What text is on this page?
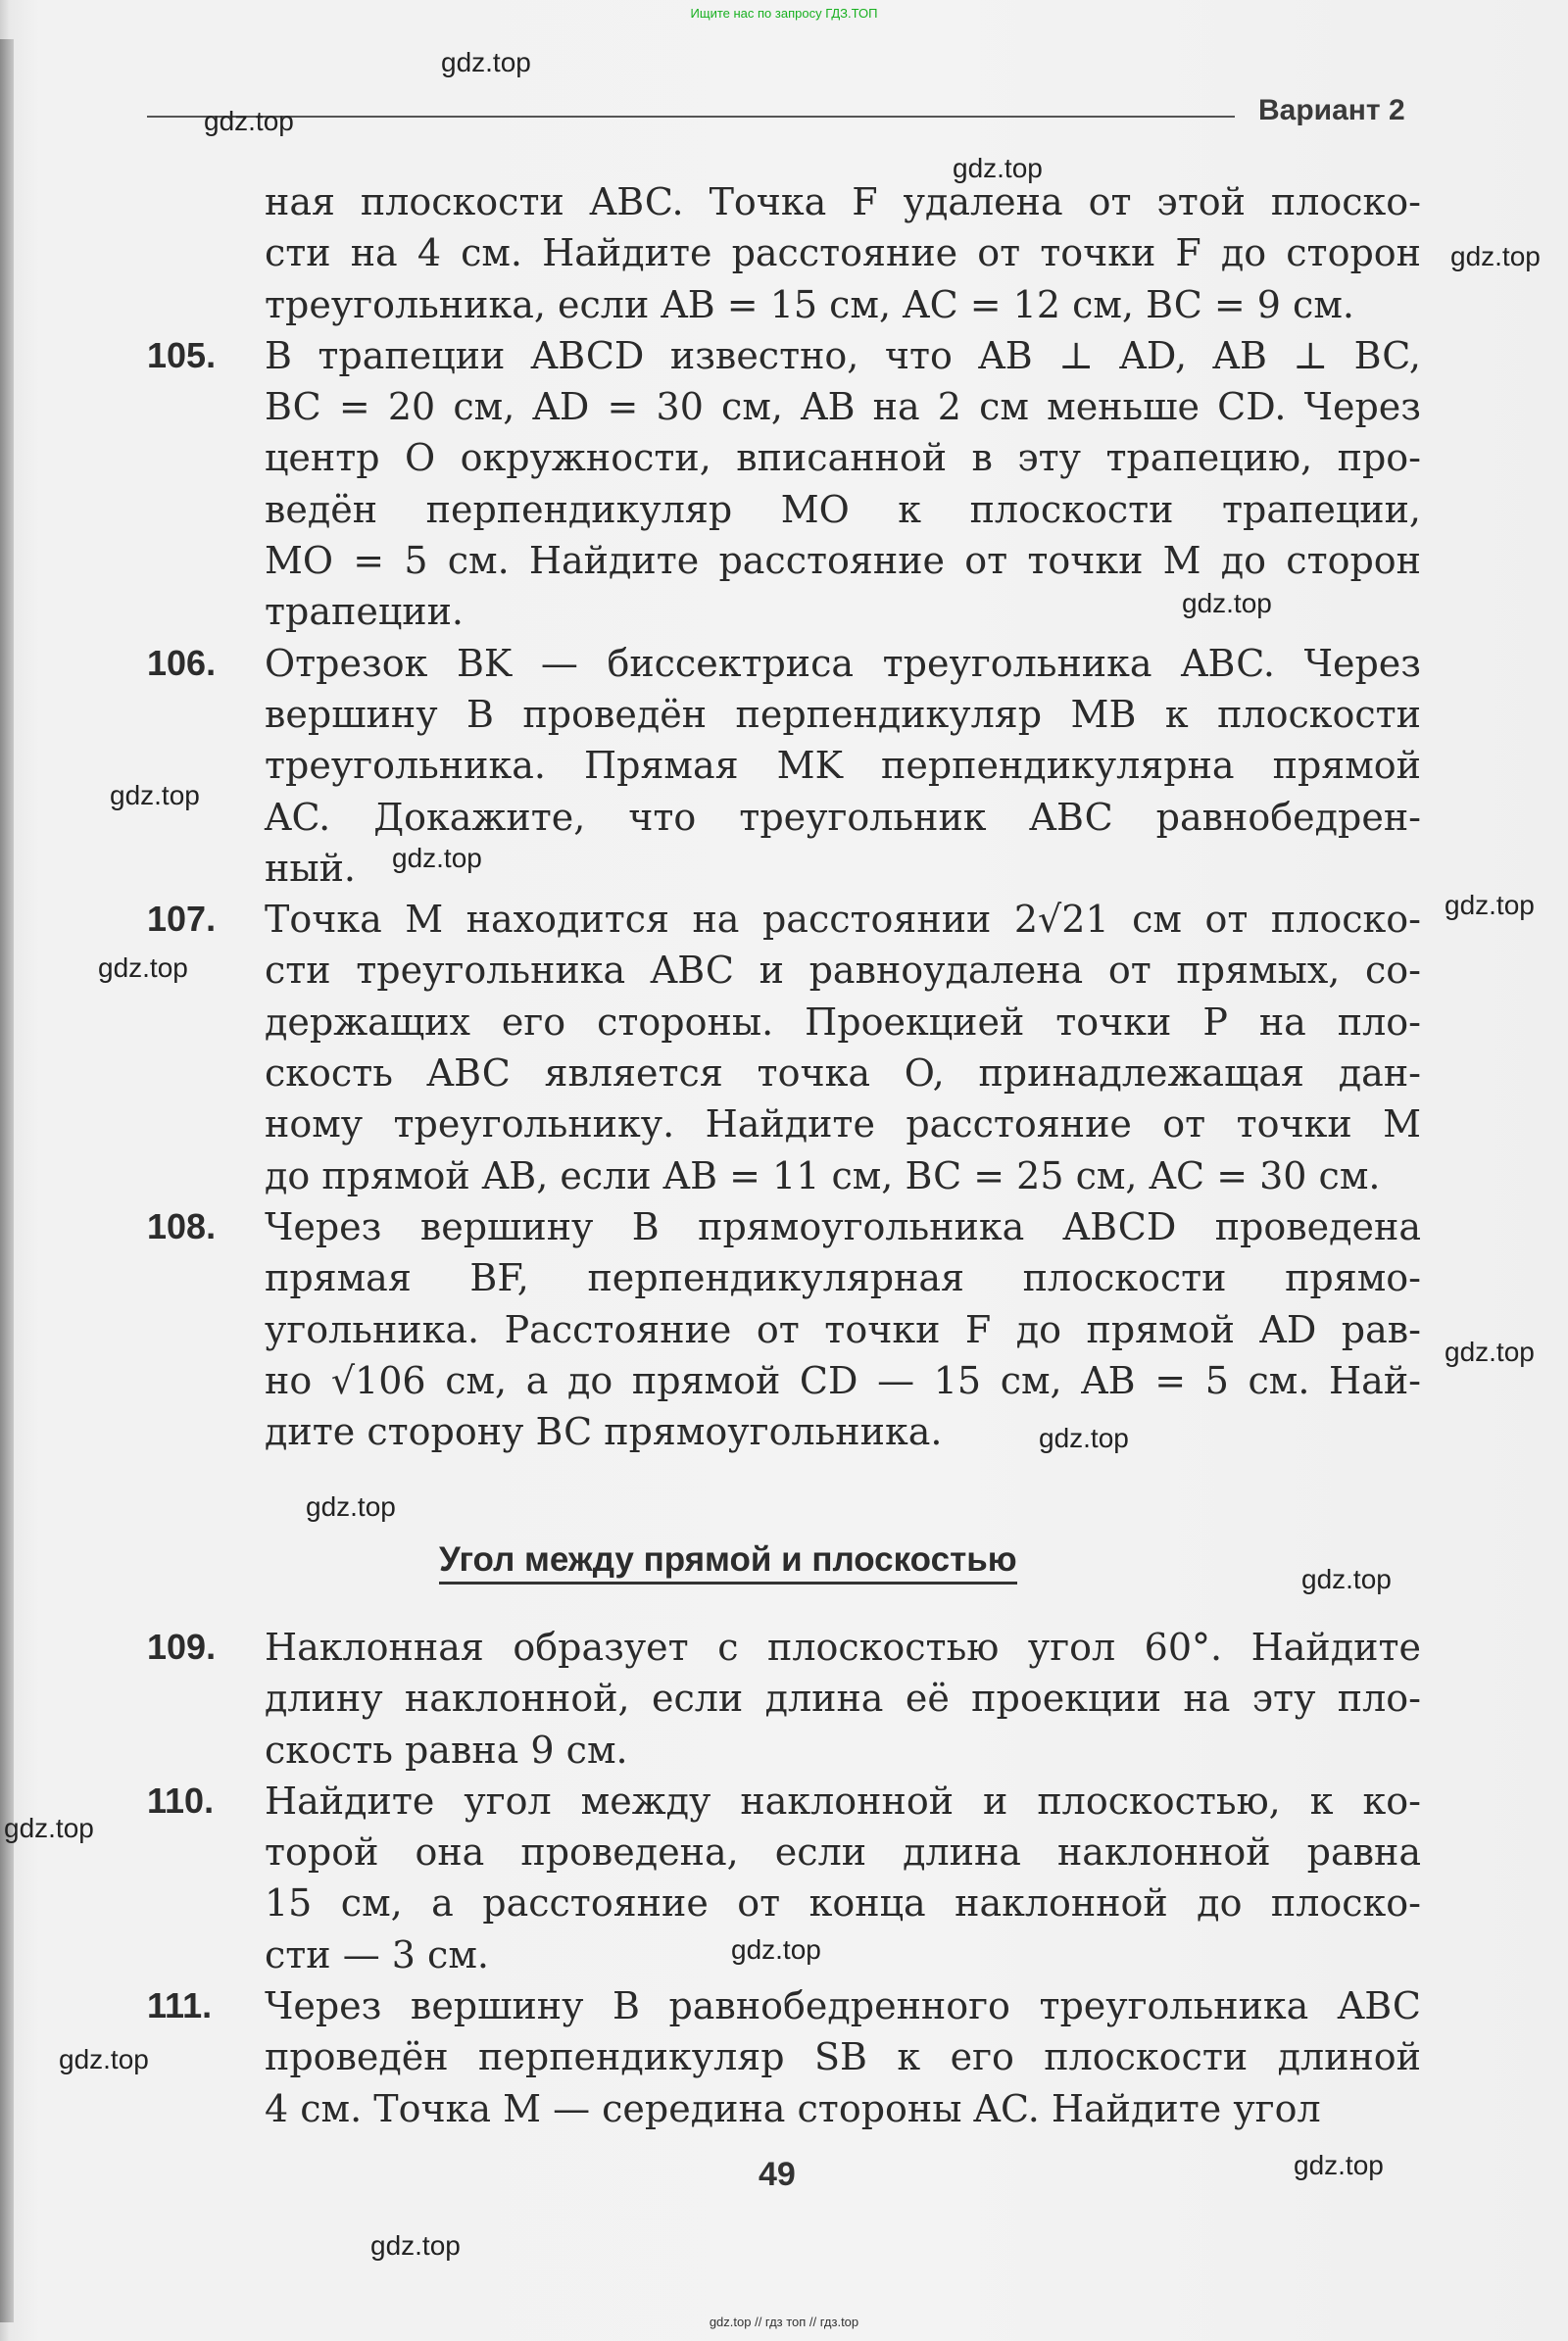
Ищите нас по запросу ГДЗ.ТОП
Вариант 2
ная плоскости ABC. Точка F удалена от этой плоско-
сти на 4 см. Найдите расстояние от точки F до сторон
треугольника, если AB = 15 см, AC = 12 см, BC = 9 см.
105. В трапеции ABCD известно, что AB ⊥ AD, AB ⊥ BC,
BC = 20 см, AD = 30 см, AB на 2 см меньше CD. Через
центр O окружности, вписанной в эту трапецию, про-
ведён перпендикуляр MO к плоскости трапеции,
MO = 5 см. Найдите расстояние от точки M до сторон
трапеции.
106. Отрезок BK — биссектриса треугольника ABC. Через
вершину B проведён перпендикуляр MB к плоскости
треугольника. Прямая MK перпендикулярна прямой
AC. Докажите, что треугольник ABC равнобедрен-
ный.
107. Точка M находится на расстоянии 2√21 см от плоско-
сти треугольника ABC и равноудалена от прямых, со-
держащих его стороны. Проекцией точки P на пло-
скость ABC является точка O, принадлежащая дан-
ному треугольнику. Найдите расстояние от точки M
до прямой AB, если AB = 11 см, BC = 25 см, AC = 30 см.
108. Через вершину B прямоугольника ABCD проведена
прямая BF, перпендикулярная плоскости прямо-
угольника. Расстояние от точки F до прямой AD рав-
но √106 см, а до прямой CD — 15 см, AB = 5 см. Най-
дите сторону BC прямоугольника.
Угол между прямой и плоскостью
109. Наклонная образует с плоскостью угол 60°. Найдите
длину наклонной, если длина её проекции на эту пло-
скость равна 9 см.
110. Найдите угол между наклонной и плоскостью, к ко-
торой она проведена, если длина наклонной равна
15 см, а расстояние от конца наклонной до плоско-
сти — 3 см.
111. Через вершину B равнобедренного треугольника ABC
проведён перпендикуляр SB к его плоскости длиной
4 см. Точка M — середина стороны AC. Найдите угол
49
gdz.top
gdz.top
gdz.top
gdz.top
gdz.top
gdz.top
gdz.top
gdz.top
gdz.top
gdz.top
gdz.top
gdz.top
gdz.top
gdz.top
gdz.top
gdz.top
gdz.top
gdz.top
gdz.top // гдз топ // гдз.top
